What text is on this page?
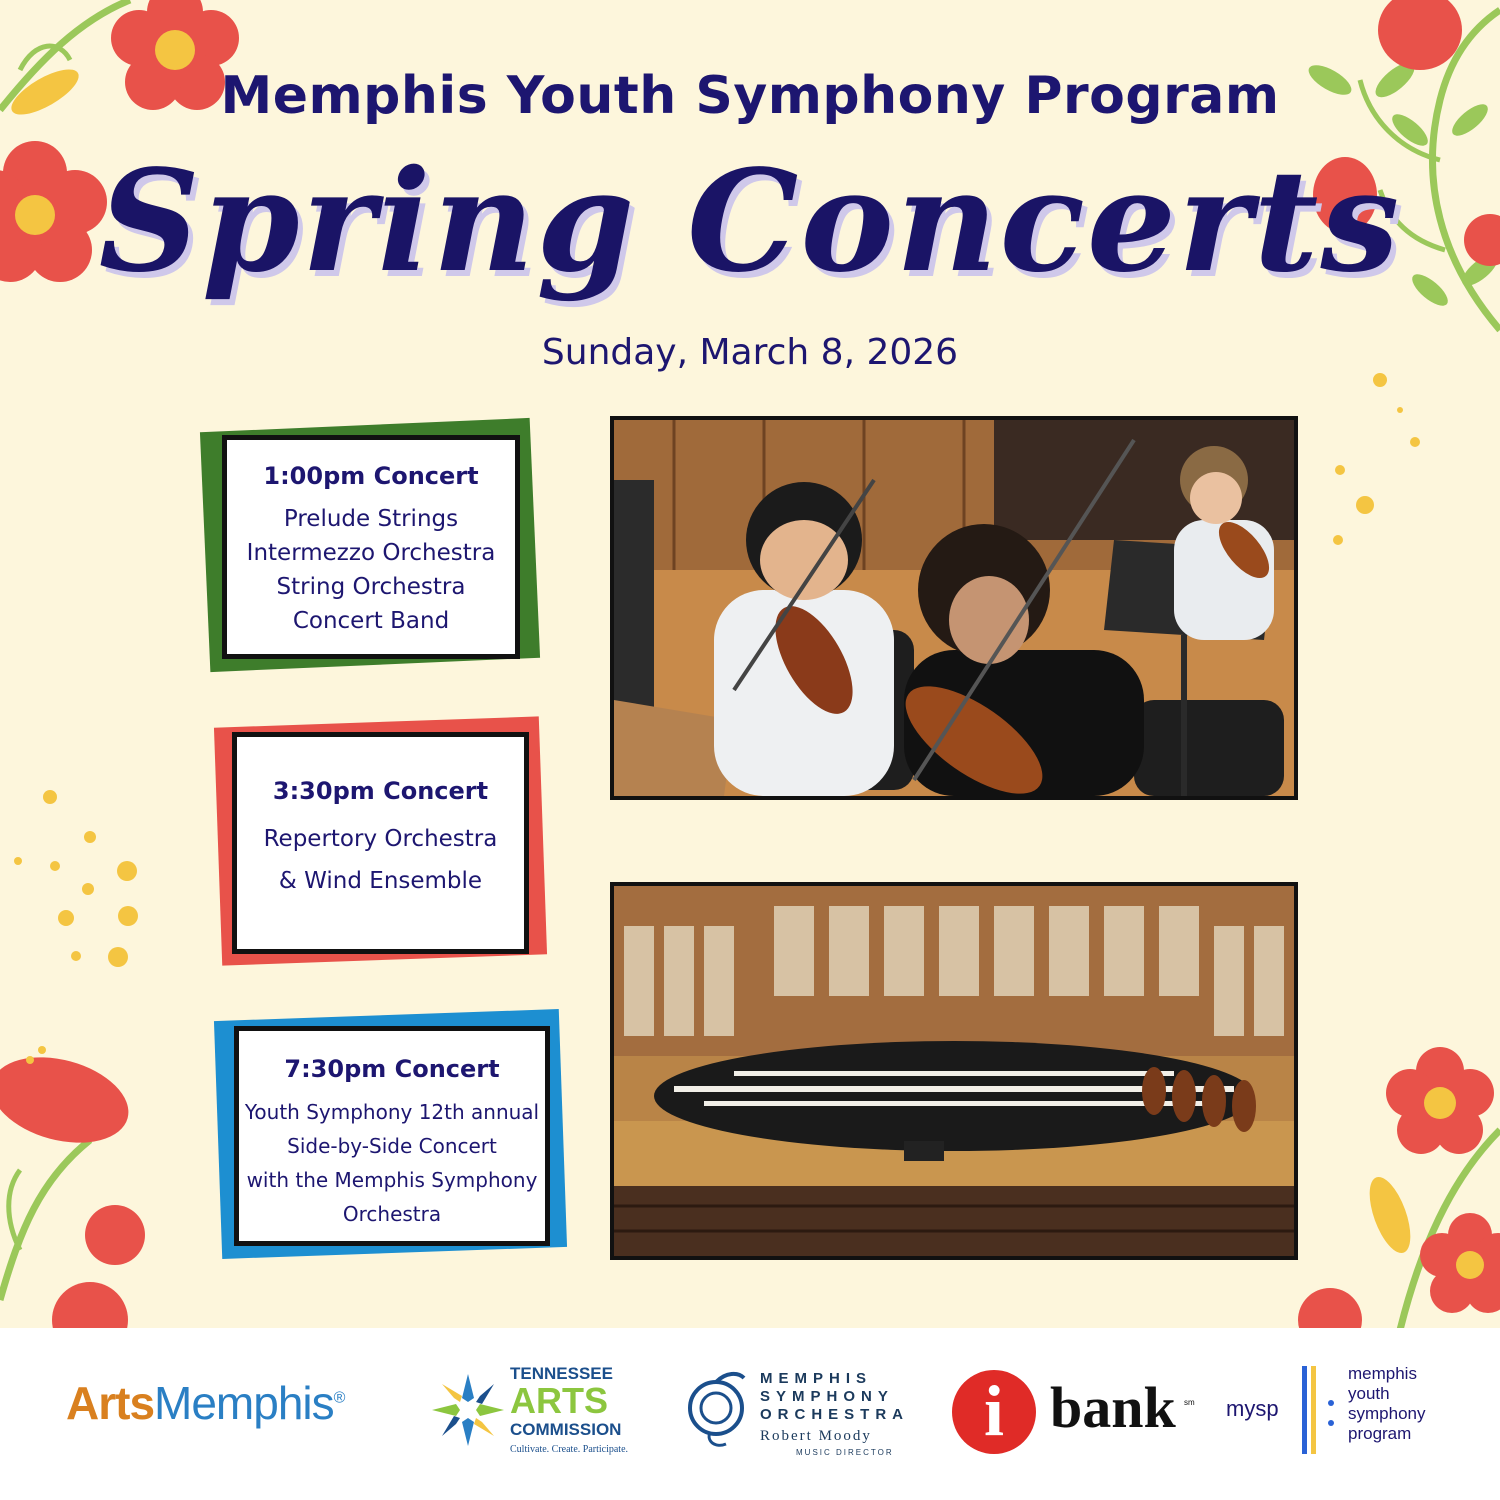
Memphis Youth Symphony Program
Spring Concerts
Sunday, March 8, 2026
1:00pm Concert
Prelude Strings
Intermezzo Orchestra
String Orchestra
Concert Band
3:30pm Concert
Repertory Orchestra
& Wind Ensemble
7:30pm Concert
Youth Symphony 12th annual
Side-by-Side Concert
with the Memphis Symphony
Orchestra
ArtsMemphis®
TENNESSEE
ARTS
COMMISSION
Cultivate. Create. Participate.
MEMPHIS
SYMPHONY
ORCHESTRA
Robert Moody
MUSIC DIRECTOR
i bank sm mysp
memphis
youth
symphony
program
